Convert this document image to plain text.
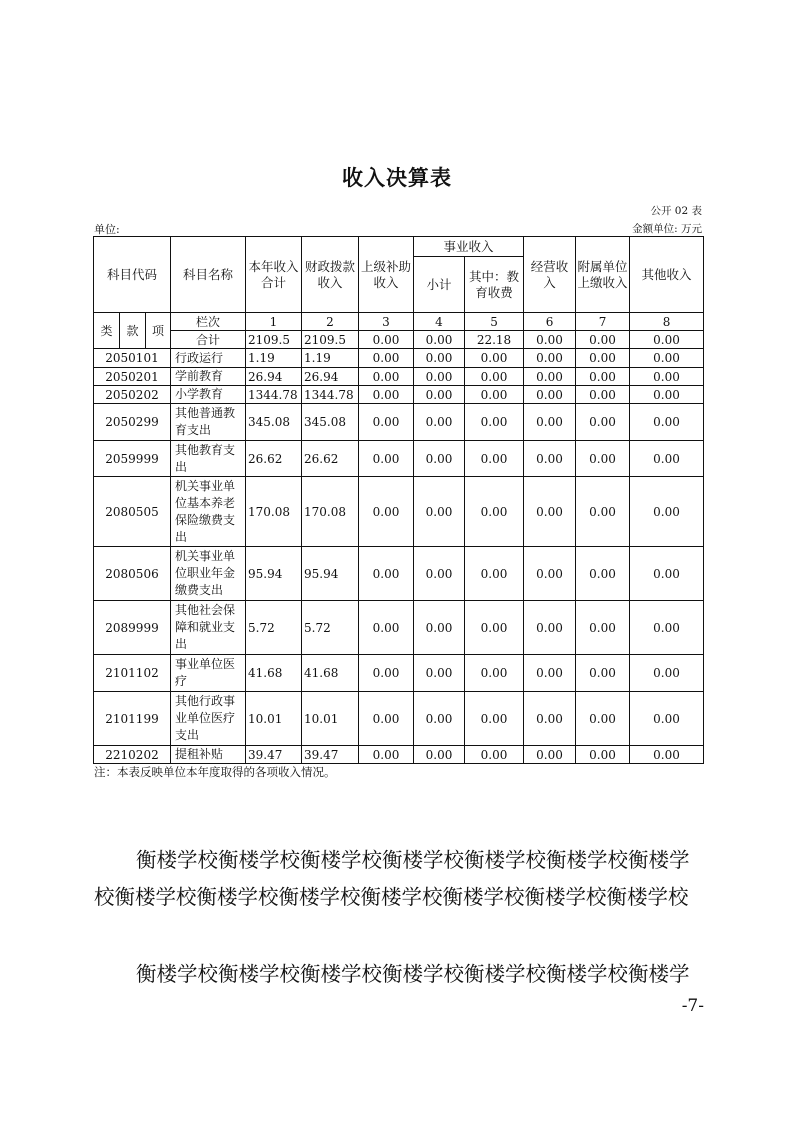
收入决算表
公开 02 表
单位:	金额单位: 万元
科目代码			科目名称	本年收入合计	财政拨款收入	上级补助收入	事业收入		经营收入	附属单位上缴收入	其他收入
							小计	其中：教育收费			
类	款	项	栏次	1	2	3	4	5	6	7	8
			合计	2109.5	2109.5	0.00	0.00	22.18	0.00	0.00	0.00
2050101			行政运行	1.19	1.19	0.00	0.00	0.00	0.00	0.00	0.00
2050201			学前教育	26.94	26.94	0.00	0.00	0.00	0.00	0.00	0.00
2050202			小学教育	1344.78	1344.78	0.00	0.00	0.00	0.00	0.00	0.00
2050299			其他普通教育支出	345.08	345.08	0.00	0.00	0.00	0.00	0.00	0.00
2059999			其他教育支出	26.62	26.62	0.00	0.00	0.00	0.00	0.00	0.00
2080505			机关事业单位基本养老保险缴费支出	170.08	170.08	0.00	0.00	0.00	0.00	0.00	0.00
2080506			机关事业单位职业年金缴费支出	95.94	95.94	0.00	0.00	0.00	0.00	0.00	0.00
2089999			其他社会保障和就业支出	5.72	5.72	0.00	0.00	0.00	0.00	0.00	0.00
2101102			事业单位医疗	41.68	41.68	0.00	0.00	0.00	0.00	0.00	0.00
2101199			其他行政事业单位医疗支出	10.01	10.01	0.00	0.00	0.00	0.00	0.00	0.00
2210202			提租补贴	39.47	39.47	0.00	0.00	0.00	0.00	0.00	0.00
注：本表反映单位本年度取得的各项收入情况。
衡楼学校衡楼学校衡楼学校衡楼学校衡楼学校衡楼学校衡楼学
校衡楼学校衡楼学校衡楼学校衡楼学校衡楼学校衡楼学校衡楼学校
衡楼学校衡楼学校衡楼学校衡楼学校衡楼学校衡楼学校衡楼学
-7-
